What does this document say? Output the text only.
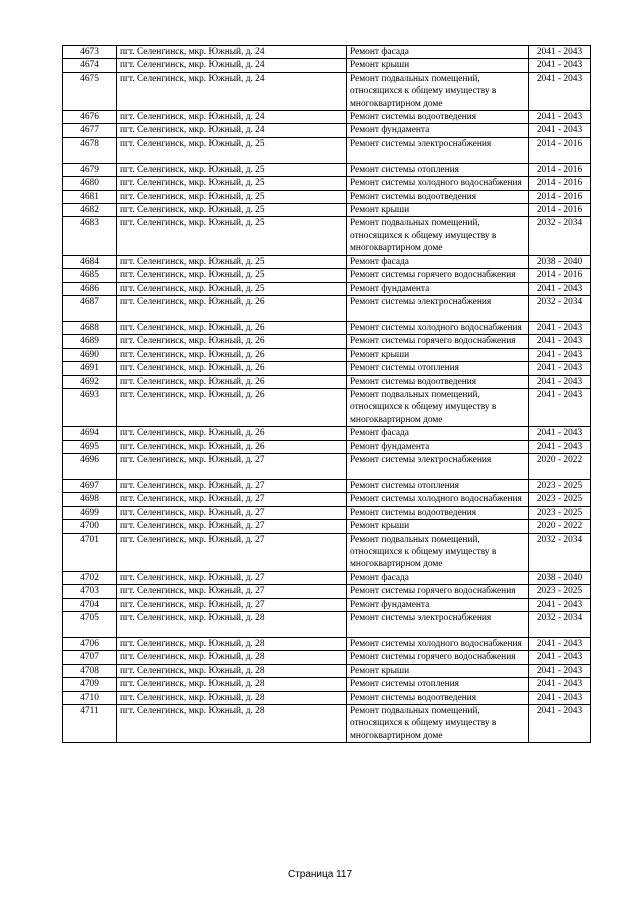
4673	пгт. Селенгинск, мкр. Южный, д. 24	Ремонт фасада	2041 - 2043
4674	пгт. Селенгинск, мкр. Южный, д. 24	Ремонт крыши	2041 - 2043
4675	пгт. Селенгинск, мкр. Южный, д. 24	Ремонт подвальных помещений, относящихся к общему имуществу в многоквартирном доме	2041 - 2043
4676	пгт. Селенгинск, мкр. Южный, д. 24	Ремонт системы водоотведения	2041 - 2043
4677	пгт. Селенгинск, мкр. Южный, д. 24	Ремонт фундамента	2041 - 2043
4678	пгт. Селенгинск, мкр. Южный, д. 25	Ремонт системы электроснабжения	2014 - 2016
4679	пгт. Селенгинск, мкр. Южный, д. 25	Ремонт системы отопления	2014 - 2016
4680	пгт. Селенгинск, мкр. Южный, д. 25	Ремонт системы холодного водоснабжения	2014 - 2016
4681	пгт. Селенгинск, мкр. Южный, д. 25	Ремонт системы водоотведения	2014 - 2016
4682	пгт. Селенгинск, мкр. Южный, д. 25	Ремонт крыши	2014 - 2016
4683	пгт. Селенгинск, мкр. Южный, д. 25	Ремонт подвальных помещений, относящихся к общему имуществу в многоквартирном доме	2032 - 2034
4684	пгт. Селенгинск, мкр. Южный, д. 25	Ремонт фасада	2038 - 2040
4685	пгт. Селенгинск, мкр. Южный, д. 25	Ремонт системы горячего водоснабжения	2014 - 2016
4686	пгт. Селенгинск, мкр. Южный, д. 25	Ремонт фундамента	2041 - 2043
4687	пгт. Селенгинск, мкр. Южный, д. 26	Ремонт системы электроснабжения	2032 - 2034
4688	пгт. Селенгинск, мкр. Южный, д. 26	Ремонт системы холодного водоснабжения	2041 - 2043
4689	пгт. Селенгинск, мкр. Южный, д. 26	Ремонт системы горячего водоснабжения	2041 - 2043
4690	пгт. Селенгинск, мкр. Южный, д. 26	Ремонт крыши	2041 - 2043
4691	пгт. Селенгинск, мкр. Южный, д. 26	Ремонт системы отопления	2041 - 2043
4692	пгт. Селенгинск, мкр. Южный, д. 26	Ремонт системы водоотведения	2041 - 2043
4693	пгт. Селенгинск, мкр. Южный, д. 26	Ремонт подвальных помещений, относящихся к общему имуществу в многоквартирном доме	2041 - 2043
4694	пгт. Селенгинск, мкр. Южный, д. 26	Ремонт фасада	2041 - 2043
4695	пгт. Селенгинск, мкр. Южный, д. 26	Ремонт фундамента	2041 - 2043
4696	пгт. Селенгинск, мкр. Южный, д. 27	Ремонт системы электроснабжения	2020 - 2022
4697	пгт. Селенгинск, мкр. Южный, д. 27	Ремонт системы отопления	2023 - 2025
4698	пгт. Селенгинск, мкр. Южный, д. 27	Ремонт системы холодного водоснабжения	2023 - 2025
4699	пгт. Селенгинск, мкр. Южный, д. 27	Ремонт системы водоотведения	2023 - 2025
4700	пгт. Селенгинск, мкр. Южный, д. 27	Ремонт крыши	2020 - 2022
4701	пгт. Селенгинск, мкр. Южный, д. 27	Ремонт подвальных помещений, относящихся к общему имуществу в многоквартирном доме	2032 - 2034
4702	пгт. Селенгинск, мкр. Южный, д. 27	Ремонт фасада	2038 - 2040
4703	пгт. Селенгинск, мкр. Южный, д. 27	Ремонт системы горячего водоснабжения	2023 - 2025
4704	пгт. Селенгинск, мкр. Южный, д. 27	Ремонт фундамента	2041 - 2043
4705	пгт. Селенгинск, мкр. Южный, д. 28	Ремонт системы электроснабжения	2032 - 2034
4706	пгт. Селенгинск, мкр. Южный, д. 28	Ремонт системы холодного водоснабжения	2041 - 2043
4707	пгт. Селенгинск, мкр. Южный, д. 28	Ремонт системы горячего водоснабжения	2041 - 2043
4708	пгт. Селенгинск, мкр. Южный, д. 28	Ремонт крыши	2041 - 2043
4709	пгт. Селенгинск, мкр. Южный, д. 28	Ремонт системы отопления	2041 - 2043
4710	пгт. Селенгинск, мкр. Южный, д. 28	Ремонт системы водоотведения	2041 - 2043
4711	пгт. Селенгинск, мкр. Южный, д. 28	Ремонт подвальных помещений, относящихся к общему имуществу в многоквартирном доме	2041 - 2043
Страница 117
